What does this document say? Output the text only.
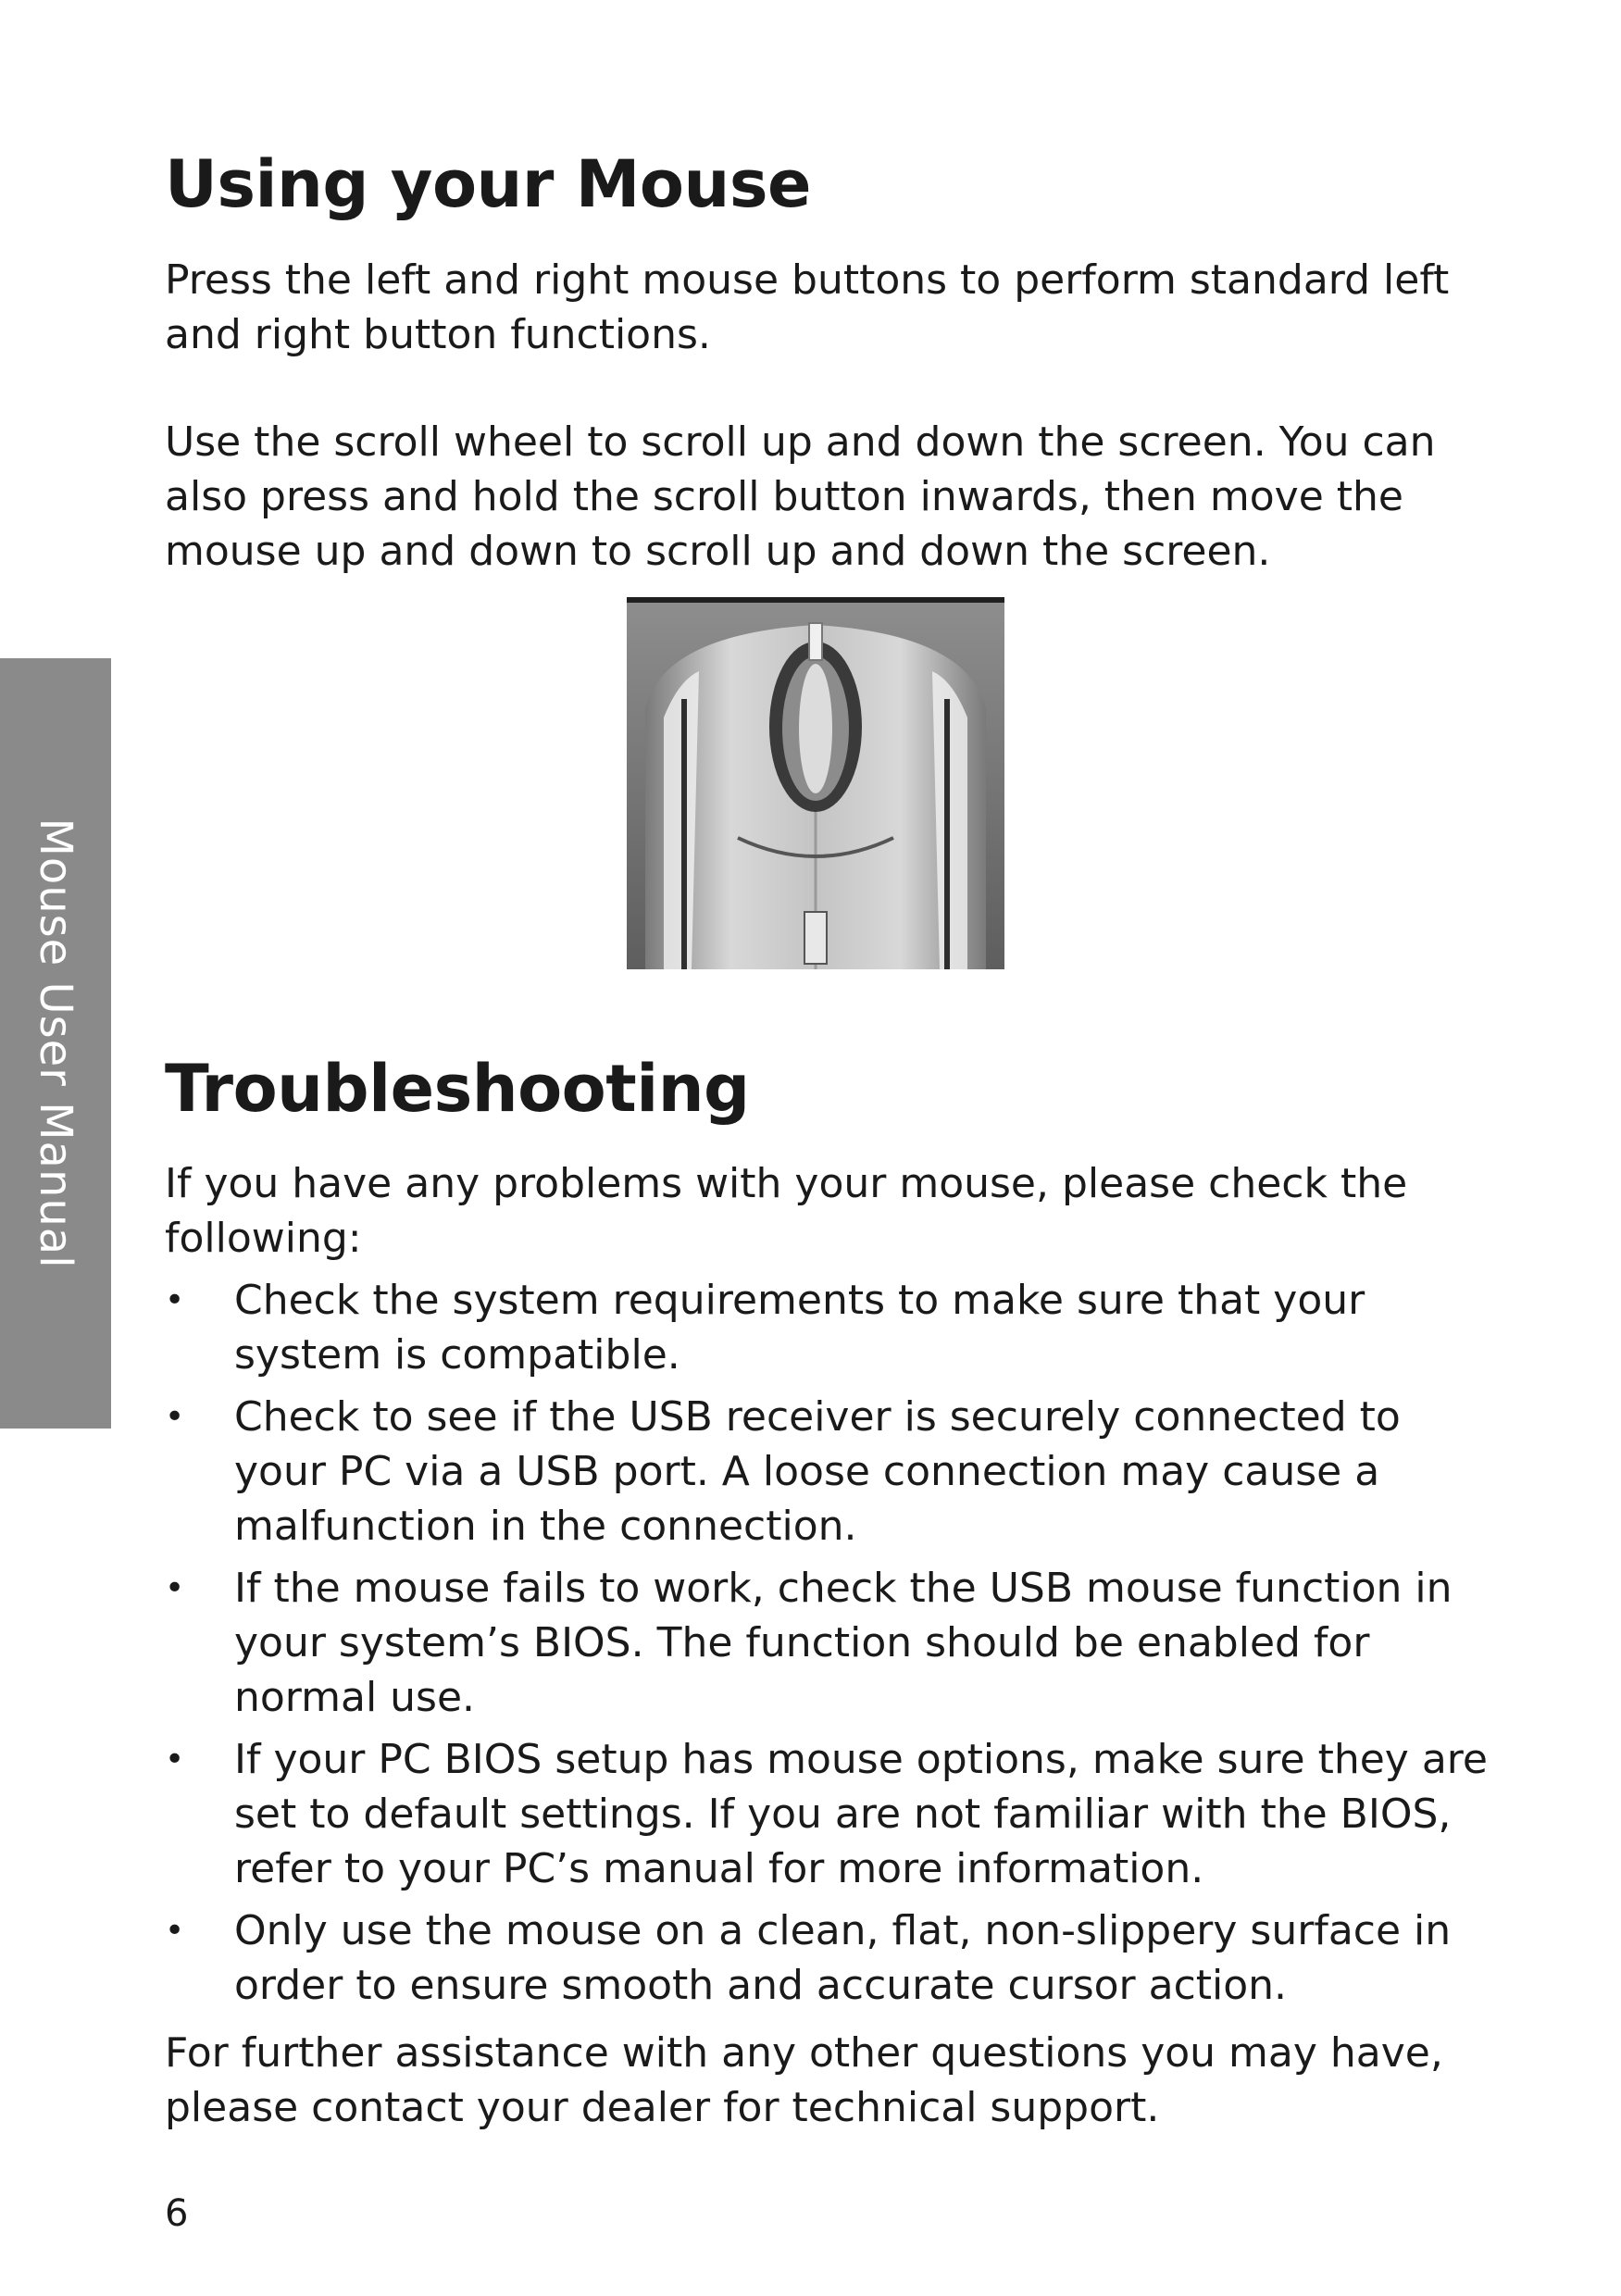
Mouse User Manual
Using your Mouse

Press the left and right mouse buttons to perform standard left and right button functions.

Use the scroll wheel to scroll up and down the screen. You can also press and hold the scroll button inwards, then move the mouse up and down to scroll up and down the screen.

Troubleshooting

If you have any problems with your mouse, please check the following:

• Check the system requirements to make sure that your system is compatible.
• Check to see if the USB receiver is securely connected to your PC via a USB port. A loose connection may cause a malfunction in the connection.
• If the mouse fails to work, check the USB mouse function in your system’s BIOS. The function should be enabled for normal use.
• If your PC BIOS setup has mouse options, make sure they are set to default settings. If you are not familiar with the BIOS, refer to your PC’s manual for more information.
• Only use the mouse on a clean, flat, non-slippery surface in order to ensure smooth and accurate cursor action.

For further assistance with any other questions you may have, please contact your dealer for technical support.

6
